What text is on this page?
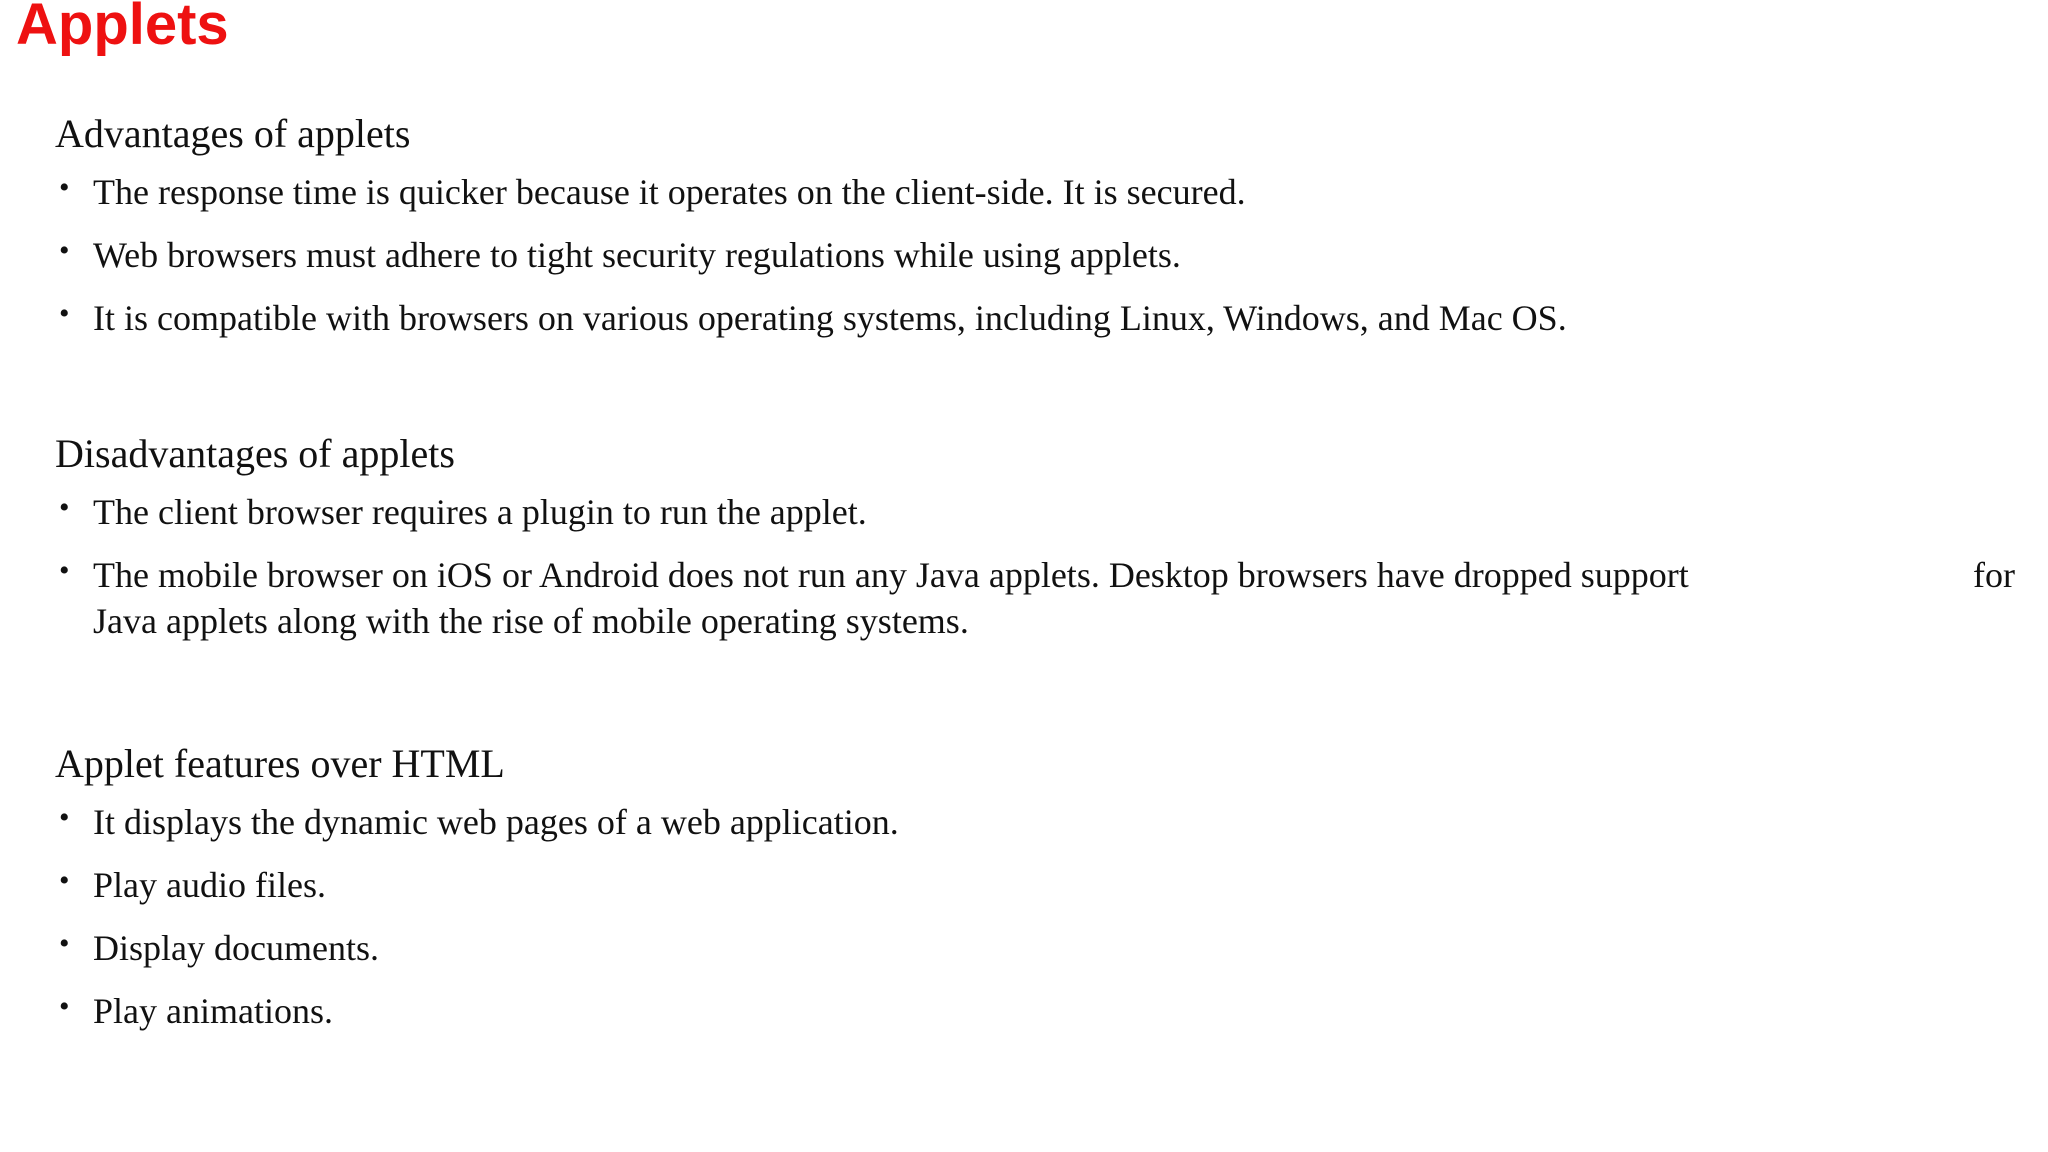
Applets
Advantages of applets
• The response time is quicker because it operates on the client-side. It is secured.
• Web browsers must adhere to tight security regulations while using applets.
• It is compatible with browsers on various operating systems, including Linux, Windows, and Mac OS.
Disadvantages of applets
• The client browser requires a plugin to run the applet.
• The mobile browser on iOS or Android does not run any Java applets. Desktop browsers have dropped support	for
Java applets along with the rise of mobile operating systems.
Applet features over HTML
• It displays the dynamic web pages of a web application.
• Play audio files.
• Display documents.
• Play animations.
